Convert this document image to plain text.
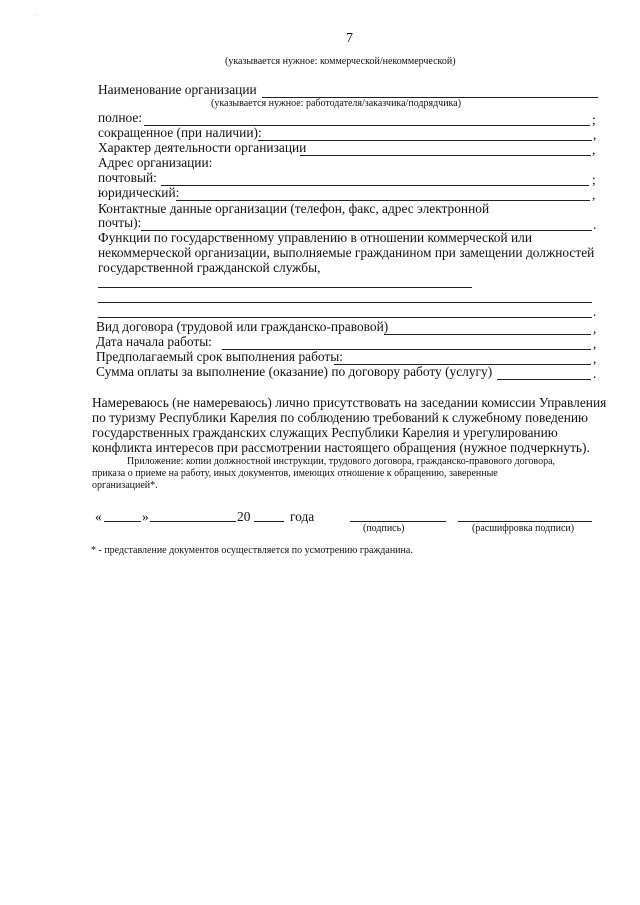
. :
7
(указывается нужное: коммерческой/некоммерческой)
Наименование организации
(указывается нужное: работодателя/заказчика/подрядчика)
полное:	;
сокращенное (при наличии):	,
Характер деятельности организации	,
Адрес организации:
почтовый:	;
юридический:	,
Контактные данные организации (телефон, факс, адрес электронной
почты):	.
Функции по государственному управлению в отношении коммерческой или
некоммерческой организации, выполняемые гражданином при замещении должностей
государственной гражданской службы,
.
Вид договора (трудовой или гражданско-правовой)	,
Дата начала работы:	,
Предполагаемый срок выполнения работы:	,
Сумма оплаты за выполнение (оказание) по договору работу (услугу)	.
Намереваюсь (не намереваюсь) лично присутствовать на заседании комиссии Управления
по туризму Республики Карелия по соблюдению требований к служебному поведению
государственных гражданских служащих Республики Карелия и урегулированию
конфликта интересов при рассмотрении настоящего обращения (нужное подчеркнуть).
Приложение: копии должностной инструкции, трудового договора, гражданско-правового договора,
приказа о приеме на работу, иных документов, имеющих отношение к обращению, заверенные
организацией*.
«	»	20	года
(подпись)	(расшифровка подписи)
* - представление документов осуществляется по усмотрению гражданина.
